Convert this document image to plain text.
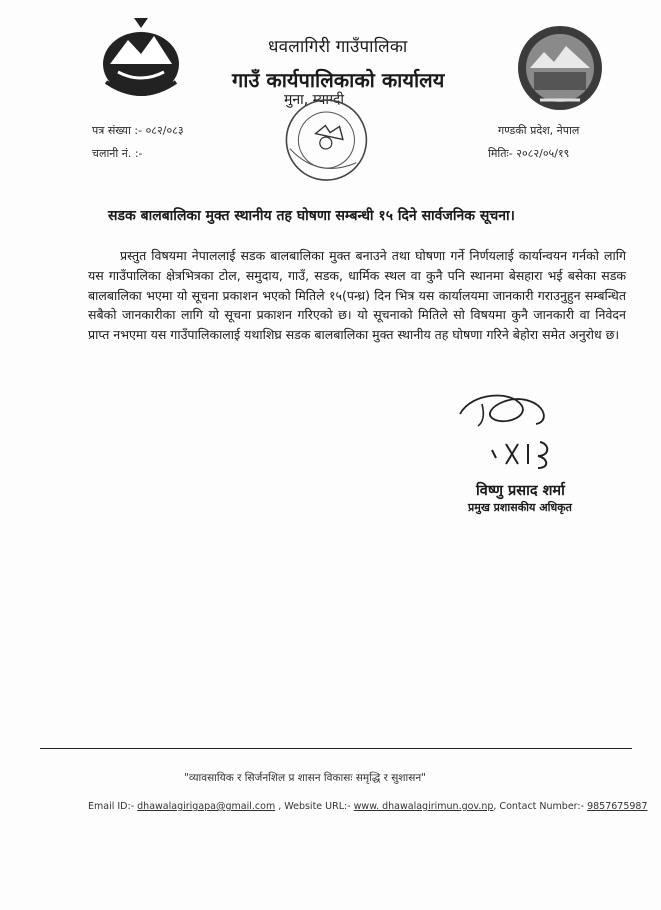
धवलागिरी गाउँपालिका
गाउँ कार्यपालिकाको कार्यालय
मुना, म्याग्दी
पत्र संख्या :- ०८२/०८३
चलानी नं. :-
गण्डकी प्रदेश, नेपाल
मितिः- २०८२/०५/१९
सडक बालबालिका मुक्त स्थानीय तह घोषणा सम्बन्धी १५ दिने सार्वजनिक सूचना।
प्रस्तुत विषयमा नेपाललाई सडक बालबालिका मुक्त बनाउने तथा घोषणा गर्ने निर्णयलाई कार्यान्वयन गर्नको लागि यस गाउँपालिका क्षेत्रभित्रका टोल, समुदाय, गाउँ, सडक, धार्मिक स्थल वा कुनै पनि स्थानमा बेसहारा भई बसेका सडक बालबालिका भएमा यो सूचना प्रकाशन भएको मितिले १५(पन्ध्र) दिन भित्र यस कार्यालयमा जानकारी गराउनुहुन सम्बन्धित सबैको जानकारीका लागि यो सूचना प्रकाशन गरिएको छ। यो सूचनाको मितिले सो विषयमा कुनै जानकारी वा निवेदन प्राप्त नभएमा यस गाउँपालिकालाई यथाशिघ्र सडक बालबालिका मुक्त स्थानीय तह घोषणा गरिने बेहोरा समेत अनुरोध छ।
विष्णु प्रसाद शर्मा
प्रमुख प्रशासकीय अधिकृत
"व्यावसायिक र सिर्जनशिल प्र शासन विकासः समृद्धि र सुशासन"
Email ID:- dhawalagirigapa@gmail.com , Website URL:- www. dhawalagirimun.gov.np, Contact Number:- 9857675987
